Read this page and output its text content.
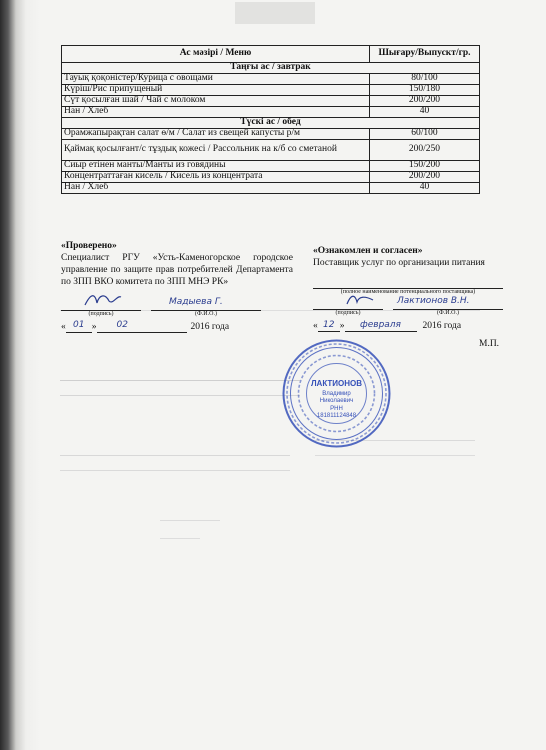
Ас мәзірі / Меню	Шығару/Выпускт/гр.
Таңғы ас / завтрак	
Тауық қоқоністер/Курица с овощами	80/100
Күріш/Рис припущеный	150/180
Сүт қосылған шай / Чай с молоком	200/200
Нан / Хлеб	40
Түскі ас / обед	
Орамжапырақтан салат ө/м / Салат из свещей капусты р/м	60/100
Қаймақ қосылғант/с тұздық кожесі / Рассольник на к/б со сметаной	200/250
Сиыр етінен манты/Манты из говядины	150/200
Концентраттаған кисель / Кисель из концентрата	200/200
Нан / Хлеб	40
«Проверено»
Специалист РГУ «Усть-Каменогорское городское управление по защите прав потребителей Департамента по ЗПП ВКО комитета по ЗПП МНЭ РК»
(подпись)
Мадыева Г.
(Ф.И.О.)
« 01 »	02	2016 года
«Ознакомлен и согласен»
Поставщик услуг по организации питания
(полное наименование потенциального поставщика)
(подпись)
Лактионов В.Н.
(Ф.И.О.)
« 12 »	февраля	2016 года
М.П.
ЛАКТИОНОВ
Владимир
Николаевич
РНН
181811124848
